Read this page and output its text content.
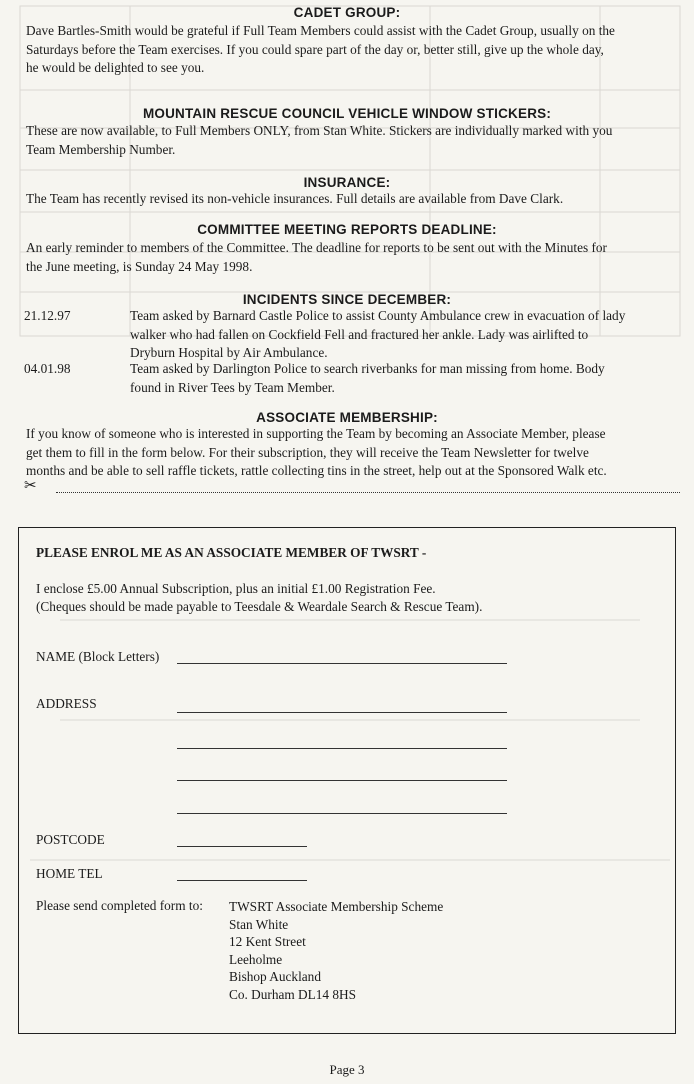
CADET GROUP:
Dave Bartles-Smith would be grateful if Full Team Members could assist with the Cadet Group, usually on the
Saturdays before the Team exercises. If you could spare part of the day or, better still, give up the whole day,
he would be delighted to see you.
MOUNTAIN RESCUE COUNCIL VEHICLE WINDOW STICKERS:
These are now available, to Full Members ONLY, from Stan White. Stickers are individually marked with you
Team Membership Number.
INSURANCE:
The Team has recently revised its non-vehicle insurances. Full details are available from Dave Clark.
COMMITTEE MEETING REPORTS DEADLINE:
An early reminder to members of the Committee. The deadline for reports to be sent out with the Minutes for
the June meeting, is Sunday 24 May 1998.
INCIDENTS SINCE DECEMBER:
21.12.97	Team asked by Barnard Castle Police to assist County Ambulance crew in evacuation of lady
walker who had fallen on Cockfield Fell and fractured her ankle. Lady was airlifted to
Dryburn Hospital by Air Ambulance.
04.01.98	Team asked by Darlington Police to search riverbanks for man missing from home. Body
found in River Tees by Team Member.
ASSOCIATE MEMBERSHIP:
If you know of someone who is interested in supporting the Team by becoming an Associate Member, please
get them to fill in the form below. For their subscription, they will receive the Team Newsletter for twelve
months and be able to sell raffle tickets, rattle collecting tins in the street, help out at the Sponsored Walk etc.
✂
PLEASE ENROL ME AS AN ASSOCIATE MEMBER OF TWSRT -
I enclose £5.00 Annual Subscription, plus an initial £1.00 Registration Fee.
(Cheques should be made payable to Teesdale & Weardale Search & Rescue Team).
NAME (Block Letters)
ADDRESS
POSTCODE
HOME TEL
Please send completed form to: TWSRT Associate Membership Scheme
Stan White
12 Kent Street
Leeholme
Bishop Auckland
Co. Durham DL14 8HS
Page 3
